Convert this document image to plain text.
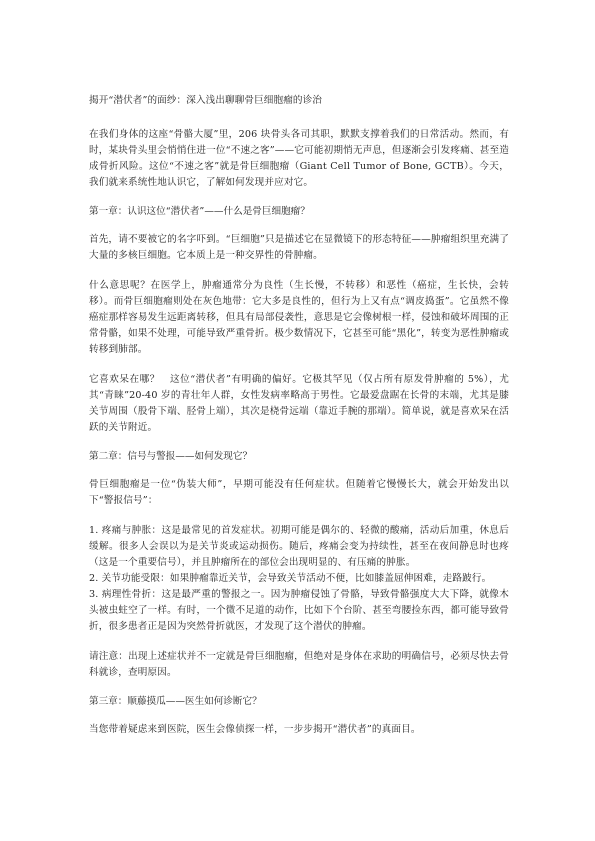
揭开“潜伏者”的面纱：深入浅出聊聊骨巨细胞瘤的诊治

在我们身体的这座“骨骼大厦”里，206 块骨头各司其职，默默支撑着我们的日常活动。然而，有时，某块骨头里会悄悄住进一位“不速之客”——它可能初期悄无声息，但逐渐会引发疼痛、甚至造成骨折风险。这位“不速之客”就是骨巨细胞瘤（Giant Cell Tumor of Bone, GCTB）。今天，我们就来系统性地认识它，了解如何发现并应对它。

第一章：认识这位“潜伏者”——什么是骨巨细胞瘤？

首先，请不要被它的名字吓到。“巨细胞”只是描述它在显微镜下的形态特征——肿瘤组织里充满了大量的多核巨细胞。它本质上是一种交界性的骨肿瘤。

什么意思呢？在医学上，肿瘤通常分为良性（生长慢，不转移）和恶性（癌症，生长快，会转移）。而骨巨细胞瘤则处在灰色地带：它大多是良性的，但行为上又有点“调皮捣蛋”。它虽然不像癌症那样容易发生远距离转移，但具有局部侵袭性，意思是它会像树根一样，侵蚀和破坏周围的正常骨骼，如果不处理，可能导致严重骨折。极少数情况下，它甚至可能“黑化”，转变为恶性肿瘤或转移到肺部。

它喜欢呆在哪？　这位“潜伏者”有明确的偏好。它极其罕见（仅占所有原发骨肿瘤的 5%），尤其“青睐”20-40 岁的青壮年人群，女性发病率略高于男性。它最爱盘踞在长骨的末端，尤其是膝关节周围（股骨下端、胫骨上端），其次是桡骨远端（靠近手腕的那端）。简单说，就是喜欢呆在活跃的关节附近。

第二章：信号与警报——如何发现它？

骨巨细胞瘤是一位“伪装大师”，早期可能没有任何症状。但随着它慢慢长大，就会开始发出以下“警报信号”：

1. 疼痛与肿胀：这是最常见的首发症状。初期可能是偶尔的、轻微的酸痛，活动后加重，休息后缓解。很多人会误以为是关节炎或运动损伤。随后，疼痛会变为持续性，甚至在夜间静息时也疼（这是一个重要信号），并且肿瘤所在的部位会出现明显的、有压痛的肿胀。

2. 关节功能受限：如果肿瘤靠近关节，会导致关节活动不便，比如膝盖屈伸困难，走路跛行。

3. 病理性骨折：这是最严重的警报之一。因为肿瘤侵蚀了骨骼，导致骨骼强度大大下降，就像木头被虫蛀空了一样。有时，一个微不足道的动作，比如下个台阶、甚至弯腰捡东西，都可能导致骨折，很多患者正是因为突然骨折就医，才发现了这个潜伏的肿瘤。

请注意：出现上述症状并不一定就是骨巨细胞瘤，但绝对是身体在求助的明确信号，必须尽快去骨科就诊，查明原因。

第三章：顺藤摸瓜——医生如何诊断它？

当您带着疑虑来到医院，医生会像侦探一样，一步步揭开“潜伏者”的真面目。
